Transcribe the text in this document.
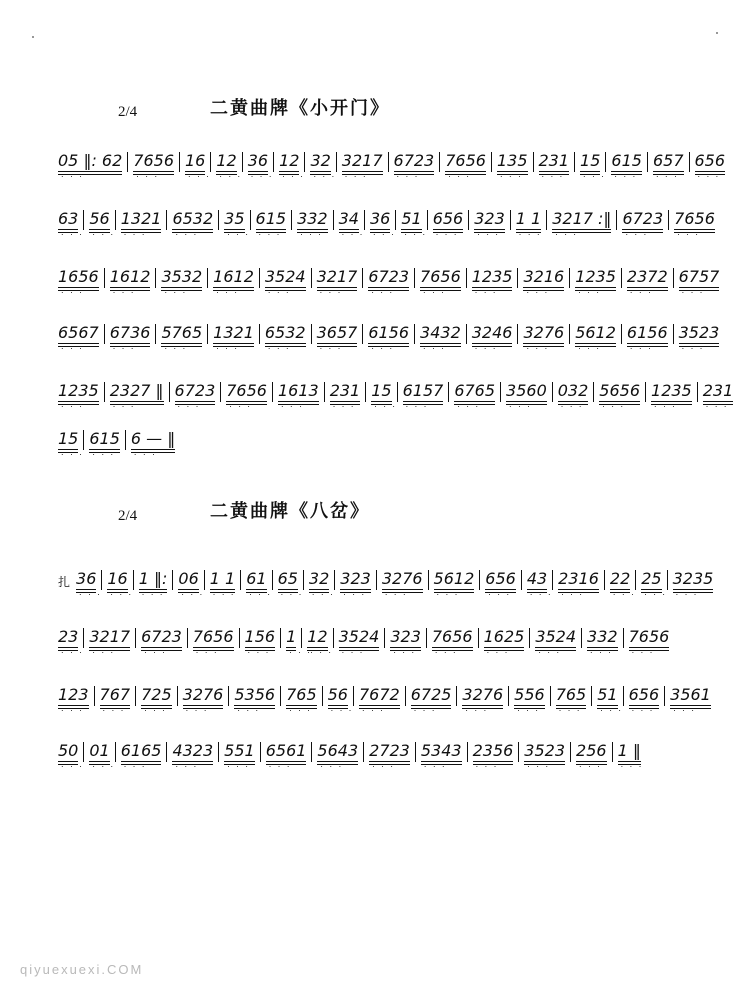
二黄曲牌《小开门》
2/4
05 ‖: 62 . . . 7656 . . . 16 . . . 12 . . . 36 . . . 12 . . . 32 . . . 3217 . . . 6723 . . . 7656 . . . 135 . . . 231 . . . 15 . . . 615 . . . 657 . . . 656 . . .
63 . . . 56 . . . 1321 . . . 6532 . . . 35 . . . 615 . . . 332 . . . 34 . . . 36 . . . 51 . . . 656 . . . 323 . . . 1 1 . . . 3217 :‖ . . . 6723 . . . 7656 . . .
1656 . . . 1612 . . . 3532 . . . 1612 . . . 3524 . . . 3217 . . . 6723 . . . 7656 . . . 1235 . . . 3216 . . . 1235 . . . 2372 . . . 6757 . . .
6567 . . . 6736 . . . 5765 . . . 1321 . . . 6532 . . . 3657 . . . 6156 . . . 3432 . . . 3246 . . . 3276 . . . 5612 . . . 6156 . . . 3523 . . .
1235 . . . 2327 ‖ . . . 6723 . . . 7656 . . . 1613 . . . 231 . . . 15 . . . 6157 . . . 6765 . . . 3560 . . . 032 . . . 5656 . . . 1235 . . . 231 . . .
15 . . . 615 . . . 6 — ‖ . . .
二黄曲牌《八岔》
2/4
扎 36 . . . 16 . . . 1 ‖: . . . 06 . . . 1 1 . . . 61 . . . 65 . . . 32 . . . 323 . . . 3276 . . . 5612 . . . 656 . . . 43 . . . 2316 . . . 22 . . . 25 . . . 3235 . . .
23 . . . 3217 . . . 6723 . . . 7656 . . . 156 . . . 1 . . . 12 . . . 3524 . . . 323 . . . 7656 . . . 1625 . . . 3524 . . . 332 . . . 7656 . . .
123 . . . 767 . . . 725 . . . 3276 . . . 5356 . . . 765 . . . 56 . . . 7672 . . . 6725 . . . 3276 . . . 556 . . . 765 . . . 51 . . . 656 . . . 3561 . . .
50 . . . 01 . . . 6165 . . . 4323 . . . 551 . . . 6561 . . . 5643 . . . 2723 . . . 5343 . . . 2356 . . . 3523 . . . 256 . . . 1 ‖ . . .
qiyuexuexi.COM
